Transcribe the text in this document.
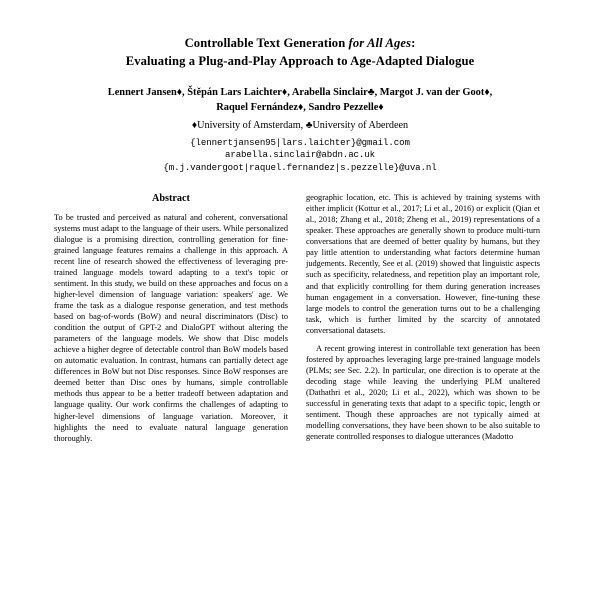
Controllable Text Generation for All Ages:
Evaluating a Plug-and-Play Approach to Age-Adapted Dialogue
Lennert Jansen♦, Štěpán Lars Laichter♦, Arabella Sinclair♣, Margot J. van der Goot♦,
Raquel Fernández♦, Sandro Pezzelle♦
♦University of Amsterdam, ♣University of Aberdeen
{lennertjansen95|lars.laichter}@gmail.com
arabella.sinclair@abdn.ac.uk
{m.j.vandergoot|raquel.fernandez|s.pezzelle}@uva.nl
Abstract

To be trusted and perceived as natural and coherent, conversational systems must adapt to the language of their users. While personalized dialogue is a promising direction, controlling generation for fine-grained language features remains a challenge in this approach. A recent line of research showed the effectiveness of leveraging pre-trained language models toward adapting to a text's topic or sentiment. In this study, we build on these approaches and focus on a higher-level dimension of language variation: speakers' age. We frame the task as a dialogue response generation, and test methods based on bag-of-words (BoW) and neural discriminators (Disc) to condition the output of GPT-2 and DialoGPT without altering the parameters of the language models. We show that Disc models achieve a higher degree of detectable control than BoW models based on automatic evaluation. In contrast, humans can partially detect age differences in BoW but not Disc responses. Since BoW responses are deemed better than Disc ones by humans, simple controllable methods thus appear to be a better tradeoff between adaptation and language quality. Our work confirms the challenges of adapting to higher-level dimensions of language variation. Moreover, it highlights the need to evaluate natural language generation thoroughly.

geographic location, etc. This is achieved by training systems with either implicit (Kottur et al., 2017; Li et al., 2016) or explicit (Qian et al., 2018; Zhang et al., 2018; Zheng et al., 2019) representations of a speaker. These approaches are generally shown to produce multi-turn conversations that are deemed of better quality by humans, but they pay little attention to understanding what factors determine human judgements. Recently, See et al. (2019) showed that linguistic aspects such as specificity, relatedness, and repetition play an important role, and that explicitly controlling for them during generation increases human engagement in a conversation. However, fine-tuning these large models to control the generation turns out to be a challenging task, which is further limited by the scarcity of annotated conversational datasets.

A recent growing interest in controllable text generation has been fostered by approaches leveraging large pre-trained language models (PLMs; see Sec. 2.2). In particular, one direction is to operate at the decoding stage while leaving the underlying PLM unaltered (Dathathri et al., 2020; Li et al., 2022), which was shown to be successful in generating texts that adapt to a specific topic, length or sentiment. Though these approaches are not typically aimed at modelling conversations, they have been shown to be also suitable to generate controlled responses to dialogue utterances (Madotto
